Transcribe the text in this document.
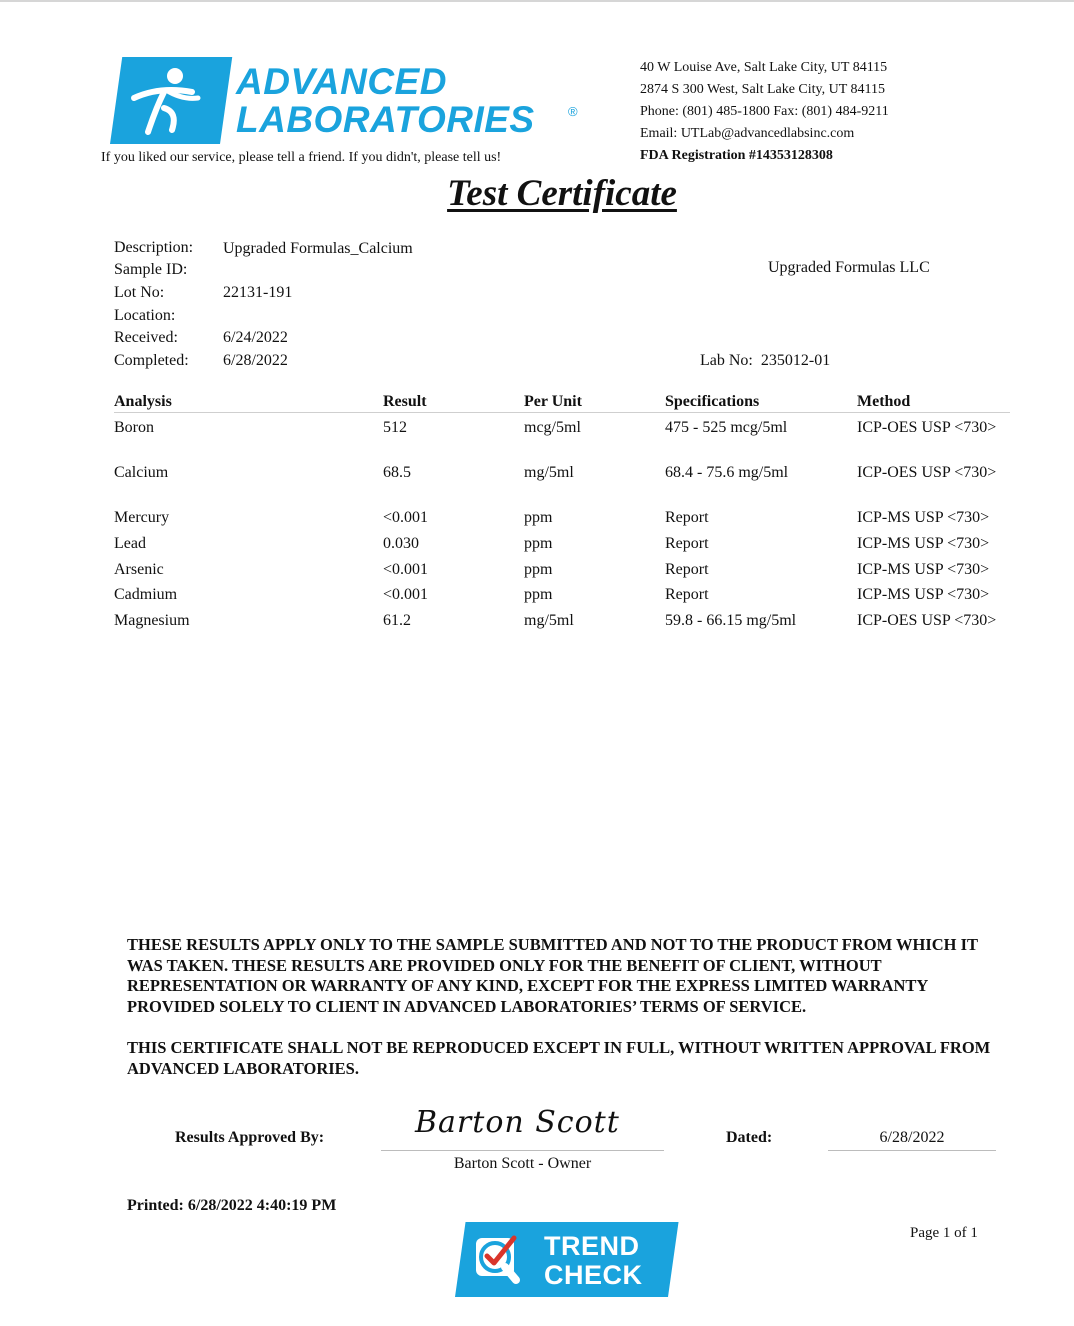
ADVANCED
LABORATORIES	®
If you liked our service, please tell a friend. If you didn't, please tell us!
40 W Louise Ave, Salt Lake City, UT 84115
2874 S 300 West, Salt Lake City, UT 84115
Phone: (801) 485-1800 Fax: (801) 484-9211
Email: UTLab@advancedlabsinc.com
FDA Registration #14353128308
Test Certificate
Description: Upgraded Formulas_Calcium
Sample ID:
Lot No:	22131-191
Location:
Received:	6/24/2022
Completed: 6/28/2022
Upgraded Formulas LLC
Lab No: 235012-01
Analysis	Result	Per Unit	Specifications	Method
Boron	512	mcg/5ml	475 - 525 mcg/5ml	ICP-OES USP <730>
Calcium	68.5	mg/5ml	68.4 - 75.6 mg/5ml	ICP-OES USP <730>
Mercury	<0.001	ppm	Report	ICP-MS USP <730>
Lead	0.030	ppm	Report	ICP-MS USP <730>
Arsenic	<0.001	ppm	Report	ICP-MS USP <730>
Cadmium	<0.001	ppm	Report	ICP-MS USP <730>
Magnesium	61.2	mg/5ml	59.8 - 66.15 mg/5ml	ICP-OES USP <730>
THESE RESULTS APPLY ONLY TO THE SAMPLE SUBMITTED AND NOT TO THE PRODUCT FROM WHICH IT WAS TAKEN. THESE RESULTS ARE PROVIDED ONLY FOR THE BENEFIT OF CLIENT, WITHOUT REPRESENTATION OR WARRANTY OF ANY KIND, EXCEPT FOR THE EXPRESS LIMITED WARRANTY PROVIDED SOLELY TO CLIENT IN ADVANCED LABORATORIES’ TERMS OF SERVICE.
THIS CERTIFICATE SHALL NOT BE REPRODUCED EXCEPT IN FULL, WITHOUT WRITTEN APPROVAL FROM ADVANCED LABORATORIES.
Results Approved By:	Barton Scott
Barton Scott - Owner
Dated:	6/28/2022
Printed: 6/28/2022 4:40:19 PM
Page 1 of 1
TREND
CHECK
